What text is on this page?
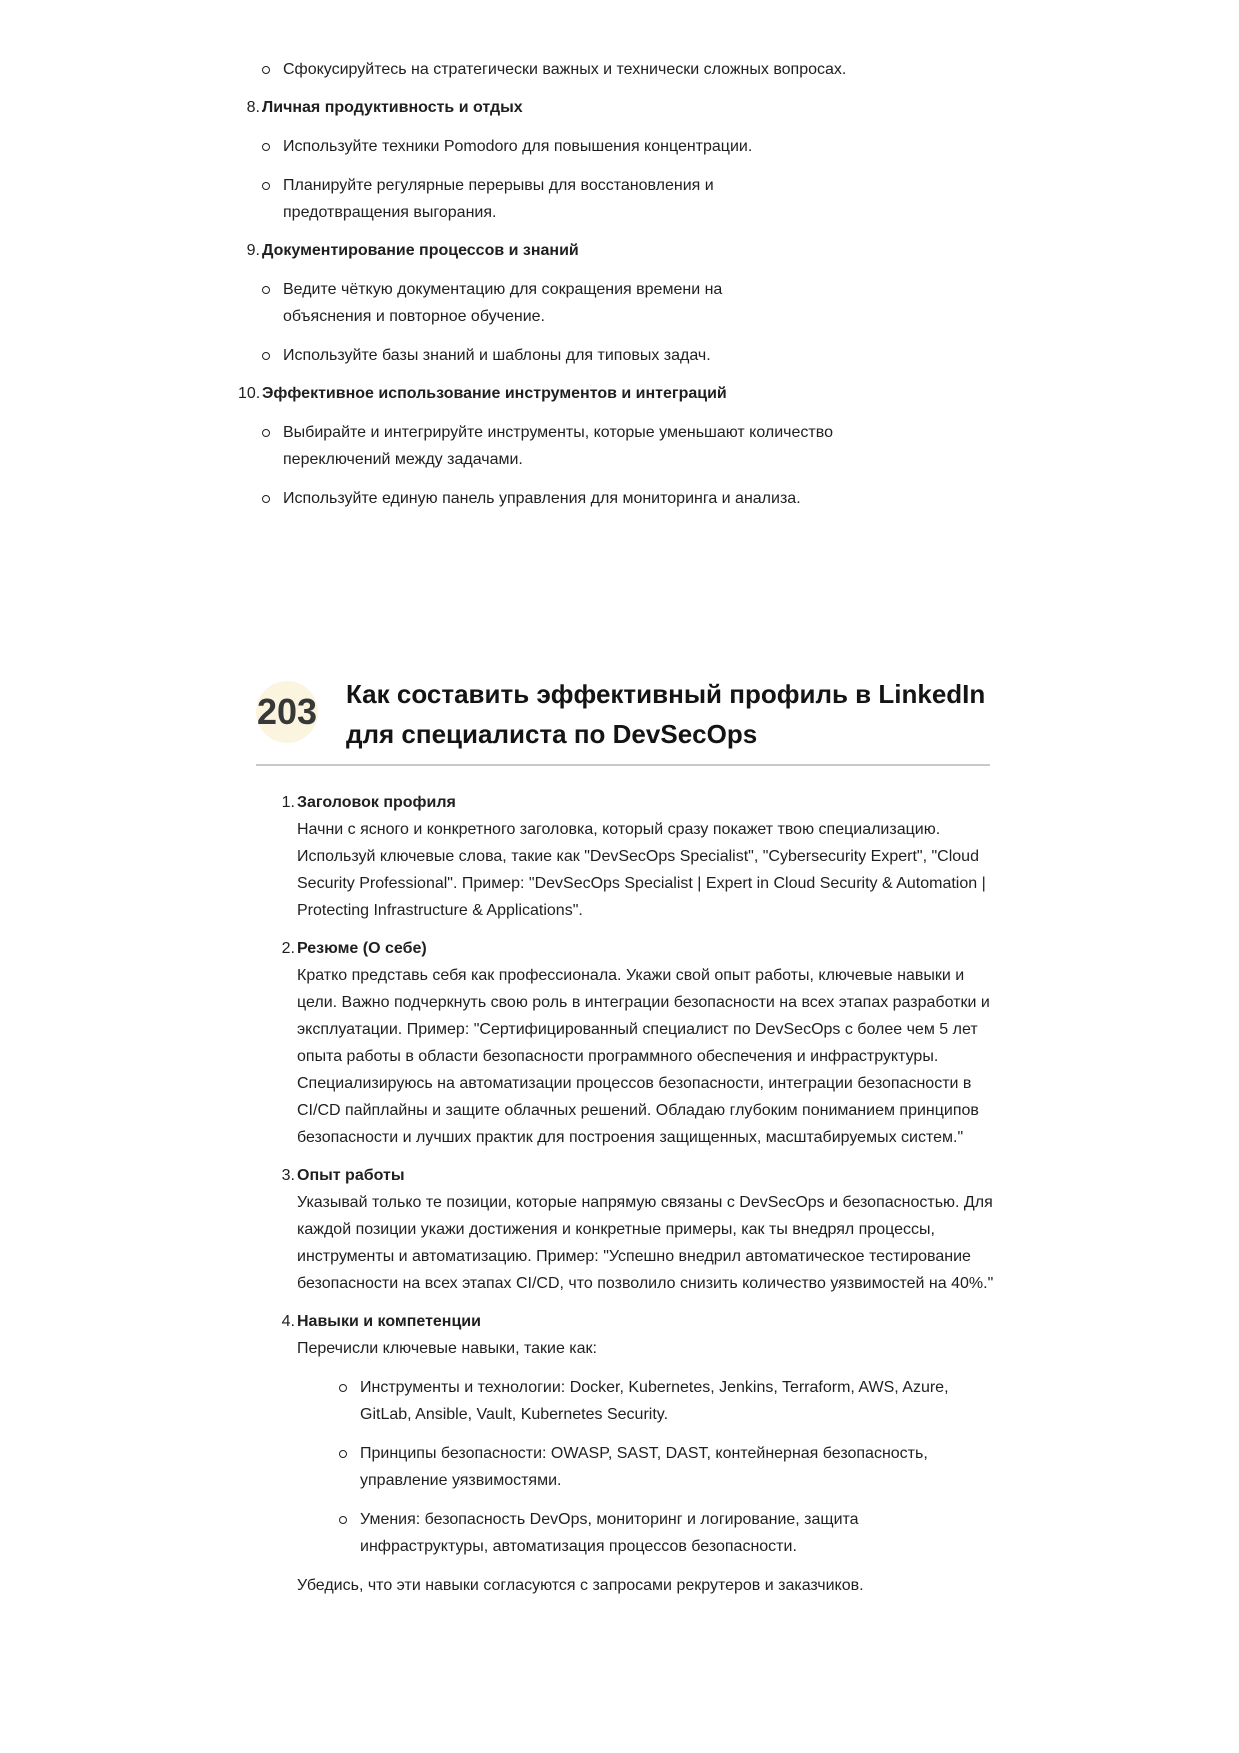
Сфокусируйтесь на стратегически важных и технически сложных вопросах.
8. Личная продуктивность и отдых

Используйте техники Pomodoro для повышения концентрации.
Планируйте регулярные перерывы для восстановления и предотвращения выгорания.
9. Документирование процессов и знаний

Ведите чёткую документацию для сокращения времени на объяснения и повторное обучение.
Используйте базы знаний и шаблоны для типовых задач.
10. Эффективное использование инструментов и интеграций

Выбирайте и интегрируйте инструменты, которые уменьшают количество переключений между задачами.
Используйте единую панель управления для мониторинга и анализа.
203 Как составить эффективный профиль в LinkedIn
для специалиста по DevSecOps
1. Заголовок профиля

Начни с ясного и конкретного заголовка, который сразу покажет твою специализацию. Используй ключевые слова, такие как "DevSecOps Specialist", "Cybersecurity Expert", "Cloud Security Professional". Пример: "DevSecOps Specialist | Expert in Cloud Security & Automation | Protecting Infrastructure & Applications".

2. Резюме (О себе)

Кратко представь себя как профессионала. Укажи свой опыт работы, ключевые навыки и цели. Важно подчеркнуть свою роль в интеграции безопасности на всех этапах разработки и эксплуатации. Пример: "Сертифицированный специалист по DevSecOps с более чем 5 лет опыта работы в области безопасности программного обеспечения и инфраструктуры. Специализируюсь на автоматизации процессов безопасности, интеграции безопасности в CI/CD пайплайны и защите облачных решений. Обладаю глубоким пониманием принципов безопасности и лучших практик для построения защищенных, масштабируемых систем."

3. Опыт работы

Указывай только те позиции, которые напрямую связаны с DevSecOps и безопасностью. Для каждой позиции укажи достижения и конкретные примеры, как ты внедрял процессы, инструменты и автоматизацию. Пример: "Успешно внедрил автоматическое тестирование безопасности на всех этапах CI/CD, что позволило снизить количество уязвимостей на 40%."

4. Навыки и компетенции

Перечисли ключевые навыки, такие как:

Инструменты и технологии: Docker, Kubernetes, Jenkins, Terraform, AWS, Azure, GitLab, Ansible, Vault, Kubernetes Security.
Принципы безопасности: OWASP, SAST, DAST, контейнерная безопасность, управление уязвимостями.
Умения: безопасность DevOps, мониторинг и логирование, защита инфраструктуры, автоматизация процессов безопасности.

Убедись, что эти навыки согласуются с запросами рекрутеров и заказчиков.
